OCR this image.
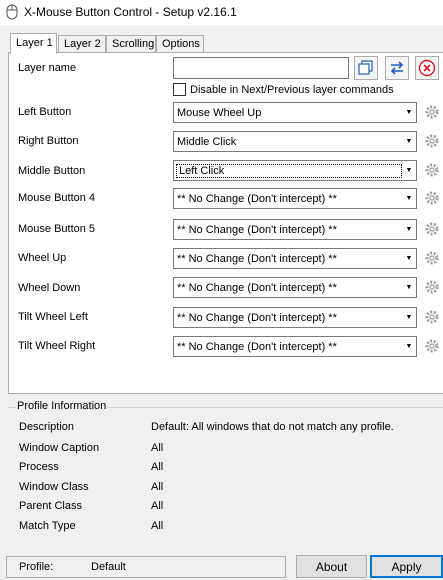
X-Mouse Button Control - Setup v2.16.1
Layer 1	Layer 2	Scrolling Options
Layer name
Disable in Next/Previous layer commands
Left Button	Mouse Wheel Up	▼
Right Button	Middle Click	▼
Middle Button	Left Click	▼
Mouse Button 4	** No Change (Don't intercept) **	▼
Mouse Button 5	** No Change (Don't intercept) **	▼
Wheel Up	** No Change (Don't intercept) **	▼
Wheel Down	** No Change (Don't intercept) **	▼
Tilt Wheel Left	** No Change (Don't intercept) **	▼
Tilt Wheel Right	** No Change (Don't intercept) **	▼
Profile Information
Description	Default: All windows that do not match any profile.
Window Caption	All
Process	All
Window Class	All
Parent Class	All
Match Type	All
Profile:	Default	About	Apply
